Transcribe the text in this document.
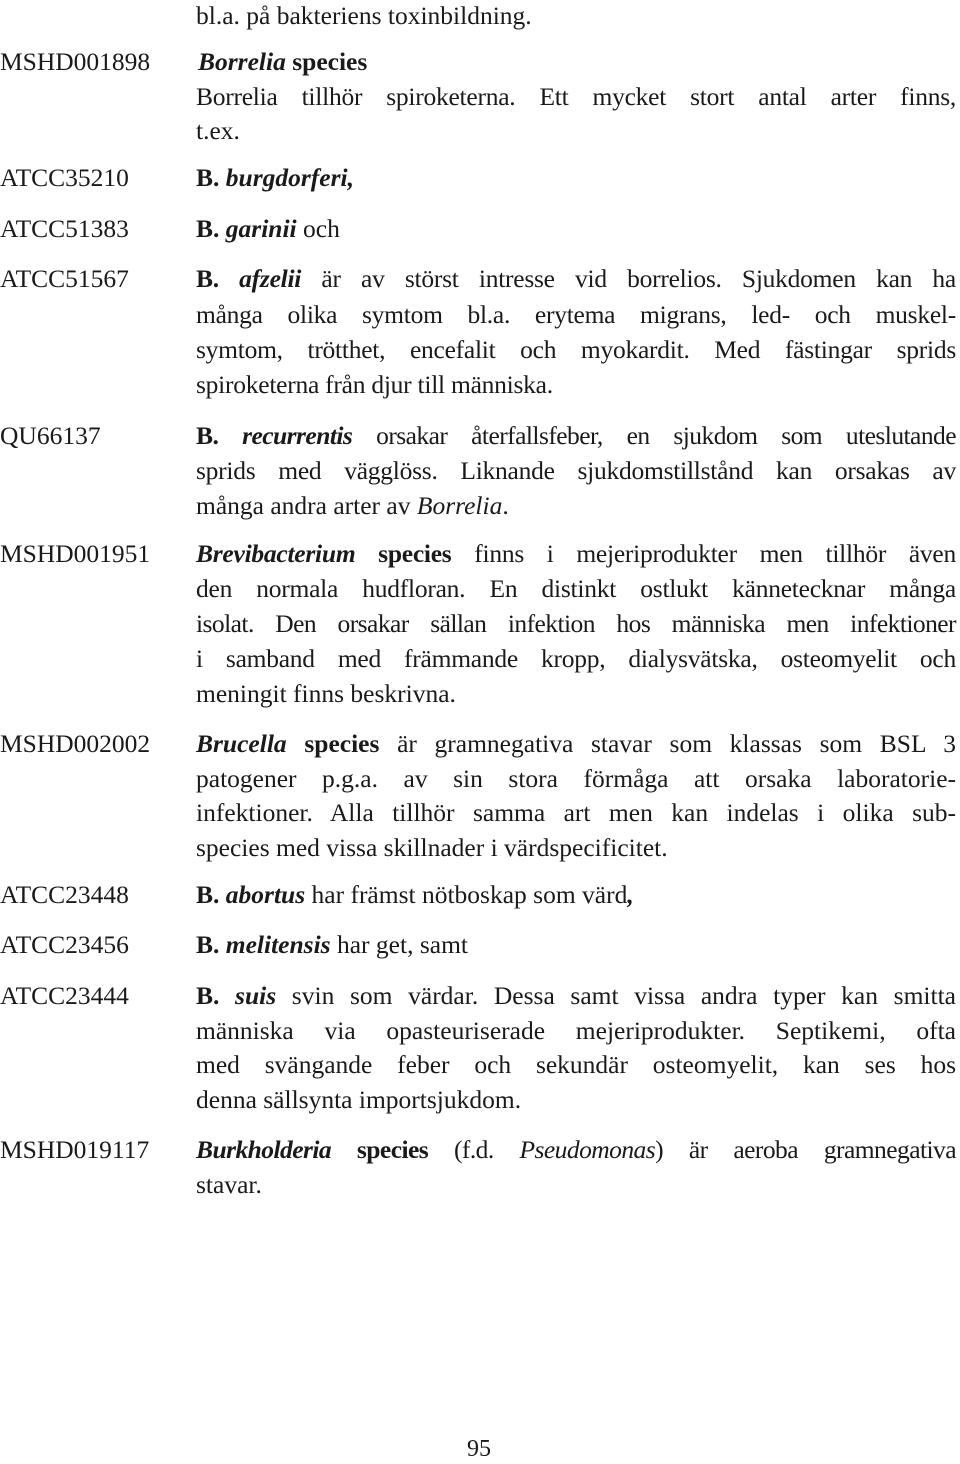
bl.a. på bakteriens toxinbildning.
MSHD001898 Borrelia species
Borrelia tillhör spiroketerna. Ett mycket stort antal arter finns,
t.ex.
ATCC35210	B. burgdorferi,
ATCC51383	B. garinii och
ATCC51567	B. afzelii är av störst intresse vid borrelios. Sjukdomen kan ha
många olika symtom bl.a. erytema migrans, led- och muskel-
symtom, trötthet, encefalit och myokardit. Med fästingar sprids
spiroketerna från djur till människa.
QU66137	B. recurrentis orsakar återfallsfeber, en sjukdom som uteslutande
sprids med vägglöss. Liknande sjukdomstillstånd kan orsakas av
många andra arter av Borrelia.
MSHD001951 Brevibacterium species finns i mejeriprodukter men tillhör även
den normala hudfloran. En distinkt ostlukt kännetecknar många
isolat. Den orsakar sällan infektion hos människa men infektioner
i samband med främmande kropp, dialysvätska, osteomyelit och
meningit finns beskrivna.
MSHD002002 Brucella species är gramnegativa stavar som klassas som BSL 3
patogener p.g.a. av sin stora förmåga att orsaka laboratorie-
infektioner. Alla tillhör samma art men kan indelas i olika sub-
species med vissa skillnader i värdspecificitet.
ATCC23448	B. abortus har främst nötboskap som värd,
ATCC23456	B. melitensis har get, samt
ATCC23444	B. suis svin som värdar. Dessa samt vissa andra typer kan smitta
människa via opasteuriserade mejeriprodukter. Septikemi, ofta
med svängande feber och sekundär osteomyelit, kan ses hos
denna sällsynta importsjukdom.
MSHD019117 Burkholderia species (f.d. Pseudomonas) är aeroba gramnegativa
stavar.
95
